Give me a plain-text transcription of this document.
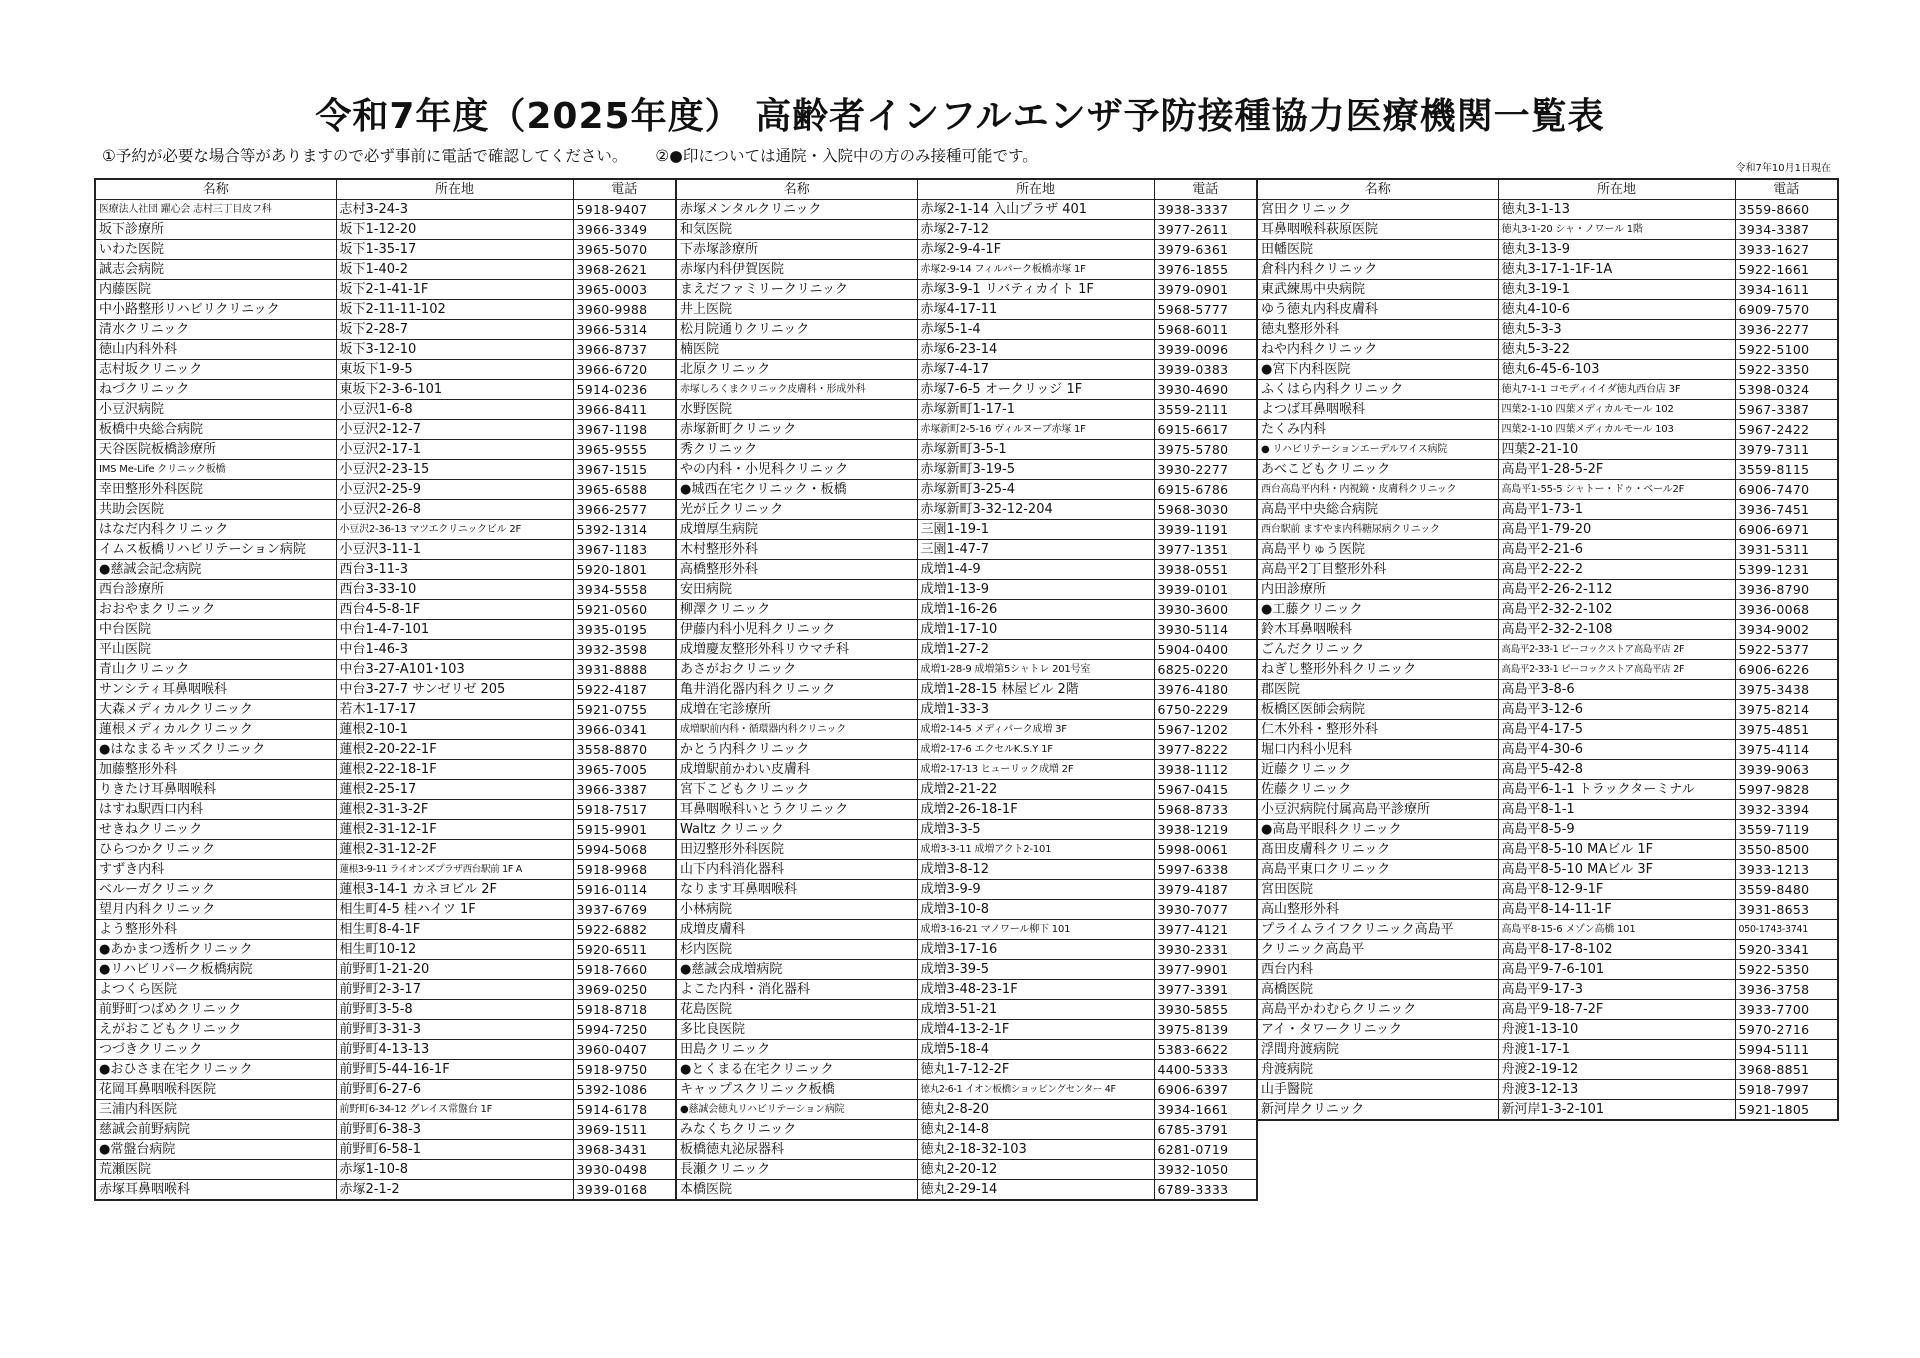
令和7年度（2025年度） 高齢者インフルエンザ予防接種協力医療機関一覧表
①予約が必要な場合等がありますので必ず事前に電話で確認してください。 ②●印については通院・入院中の方のみ接種可能です。
令和7年10月1日現在
名称	所在地	電話
医療法人社団 躍心会 志村三丁目皮フ科	志村3-24-3	5918-9407
坂下診療所	坂下1-12-20	3966-3349
いわた医院	坂下1-35-17	3965-5070
誠志会病院	坂下1-40-2	3968-2621
内藤医院	坂下2-1-41-1F	3965-0003
中小路整形リハビリクリニック	坂下2-11-11-102	3960-9988
清水クリニック	坂下2-28-7	3966-5314
徳山内科外科	坂下3-12-10	3966-8737
志村坂クリニック	東坂下1-9-5	3966-6720
ねづクリニック	東坂下2-3-6-101	5914-0236
小豆沢病院	小豆沢1-6-8	3966-8411
板橋中央総合病院	小豆沢2-12-7	3967-1198
天谷医院板橋診療所	小豆沢2-17-1	3965-9555
IMS Me-Life クリニック板橋	小豆沢2-23-15	3967-1515
幸田整形外科医院	小豆沢2-25-9	3965-6588
共助会医院	小豆沢2-26-8	3966-2577
はなだ内科クリニック	小豆沢2-36-13 マツエクリニックビル 2F	5392-1314
イムス板橋リハビリテーション病院	小豆沢3-11-1	3967-1183
●慈誠会記念病院	西台3-11-3	5920-1801
西台診療所	西台3-33-10	3934-5558
おおやまクリニック	西台4-5-8-1F	5921-0560
中台医院	中台1-4-7-101	3935-0195
平山医院	中台1-46-3	3932-3598
青山クリニック	中台3-27-A101･103	3931-8888
サンシティ耳鼻咽喉科	中台3-27-7 サンゼリゼ 205	5922-4187
大森メディカルクリニック	若木1-17-17	5921-0755
蓮根メディカルクリニック	蓮根2-10-1	3966-0341
●はなまるキッズクリニック	蓮根2-20-22-1F	3558-8870
加藤整形外科	蓮根2-22-18-1F	3965-7005
りきたけ耳鼻咽喉科	蓮根2-25-17	3966-3387
はすね駅西口内科	蓮根2-31-3-2F	5918-7517
せきねクリニック	蓮根2-31-12-1F	5915-9901
ひらつかクリニック	蓮根2-31-12-2F	5994-5068
すずき内科	蓮根3-9-11 ライオンズプラザ西台駅前 1F A	5918-9968
ベルーガクリニック	蓮根3-14-1 カネヨビル 2F	5916-0114
望月内科クリニック	相生町4-5 桂ハイツ 1F	3937-6769
よう整形外科	相生町8-4-1F	5922-6882
●あかまつ透析クリニック	相生町10-12	5920-6511
●リハビリパーク板橋病院	前野町1-21-20	5918-7660
よつくら医院	前野町2-3-17	3969-0250
前野町つばめクリニック	前野町3-5-8	5918-8718
えがおこどもクリニック	前野町3-31-3	5994-7250
つづきクリニック	前野町4-13-13	3960-0407
●おひさま在宅クリニック	前野町5-44-16-1F	5918-9750
花岡耳鼻咽喉科医院	前野町6-27-6	5392-1086
三浦内科医院	前野町6-34-12 グレイス常盤台 1F	5914-6178
慈誠会前野病院	前野町6-38-3	3969-1511
●常盤台病院	前野町6-58-1	3968-3431
荒瀬医院	赤塚1-10-8	3930-0498
赤塚耳鼻咽喉科	赤塚2-1-2	3939-0168
名称	所在地	電話
赤塚メンタルクリニック	赤塚2-1-14 入山プラザ 401	3938-3337
和気医院	赤塚2-7-12	3977-2611
下赤塚診療所	赤塚2-9-4-1F	3979-6361
赤塚内科伊賀医院	赤塚2-9-14 フィルパーク板橋赤塚 1F	3976-1855
まえだファミリークリニック	赤塚3-9-1 リバティカイト 1F	3979-0901
井上医院	赤塚4-17-11	5968-5777
松月院通りクリニック	赤塚5-1-4	5968-6011
楠医院	赤塚6-23-14	3939-0096
北原クリニック	赤塚7-4-17	3939-0383
赤塚しろくまクリニック皮膚科・形成外科	赤塚7-6-5 オークリッジ 1F	3930-4690
水野医院	赤塚新町1-17-1	3559-2111
赤塚新町クリニック	赤塚新町2-5-16 ヴィルヌーブ赤塚 1F	6915-6617
秀クリニック	赤塚新町3-5-1	3975-5780
やの内科・小児科クリニック	赤塚新町3-19-5	3930-2277
●城西在宅クリニック・板橋	赤塚新町3-25-4	6915-6786
光が丘クリニック	赤塚新町3-32-12-204	5968-3030
成増厚生病院	三園1-19-1	3939-1191
木村整形外科	三園1-47-7	3977-1351
高橋整形外科	成増1-4-9	3938-0551
安田病院	成増1-13-9	3939-0101
柳澤クリニック	成増1-16-26	3930-3600
伊藤内科小児科クリニック	成増1-17-10	3930-5114
成増慶友整形外科リウマチ科	成増1-27-2	5904-0400
あさがおクリニック	成増1-28-9 成増第5シャトレ 201号室	6825-0220
亀井消化器内科クリニック	成増1-28-15 林屋ビル 2階	3976-4180
成増在宅診療所	成増1-33-3	6750-2229
成増駅前内科・循環器内科クリニック	成増2-14-5 メディパーク成増 3F	5967-1202
かとう内科クリニック	成増2-17-6 エクセルK.S.Y 1F	3977-8222
成増駅前かわい皮膚科	成増2-17-13 ヒューリック成増 2F	3938-1112
宮下こどもクリニック	成増2-21-22	5967-0415
耳鼻咽喉科いとうクリニック	成増2-26-18-1F	5968-8733
Waltz クリニック	成増3-3-5	3938-1219
田辺整形外科医院	成増3-3-11 成増アクト2-101	5998-0061
山下内科消化器科	成増3-8-12	5997-6338
なります耳鼻咽喉科	成増3-9-9	3979-4187
小林病院	成増3-10-8	3930-7077
成増皮膚科	成増3-16-21 マノワール柳下 101	3977-4121
杉内医院	成増3-17-16	3930-2331
●慈誠会成増病院	成増3-39-5	3977-9901
よこた内科・消化器科	成増3-48-23-1F	3977-3391
花島医院	成増3-51-21	3930-5855
多比良医院	成増4-13-2-1F	3975-8139
田島クリニック	成増5-18-4	5383-6622
●とくまる在宅クリニック	徳丸1-7-12-2F	4400-5333
キャップスクリニック板橋	徳丸2-6-1 イオン板橋ショッピングセンター 4F	6906-6397
●慈誠会徳丸リハビリテーション病院	徳丸2-8-20	3934-1661
みなくちクリニック	徳丸2-14-8	6785-3791
板橋徳丸泌尿器科	徳丸2-18-32-103	6281-0719
長瀬クリニック	徳丸2-20-12	3932-1050
本橋医院	徳丸2-29-14	6789-3333
名称	所在地	電話
宮田クリニック	徳丸3-1-13	3559-8660
耳鼻咽喉科萩原医院	徳丸3-1-20 シャ・ノワール 1階	3934-3387
田幡医院	徳丸3-13-9	3933-1627
倉科内科クリニック	徳丸3-17-1-1F-1A	5922-1661
東武練馬中央病院	徳丸3-19-1	3934-1611
ゆう徳丸内科皮膚科	徳丸4-10-6	6909-7570
徳丸整形外科	徳丸5-3-3	3936-2277
ねや内科クリニック	徳丸5-3-22	5922-5100
●宮下内科医院	徳丸6-45-6-103	5922-3350
ふくはら内科クリニック	徳丸7-1-1 コモディイイダ徳丸西台店 3F	5398-0324
よつば耳鼻咽喉科	四葉2-1-10 四葉メディカルモール 102	5967-3387
たくみ内科	四葉2-1-10 四葉メディカルモール 103	5967-2422
● リハビリテーションエーデルワイス病院	四葉2-21-10	3979-7311
あべこどもクリニック	高島平1-28-5-2F	3559-8115
西台高島平内科・内視鏡・皮膚科クリニック	高島平1-55-5 シャトー・ドゥ・ベール2F	6906-7470
高島平中央総合病院	高島平1-73-1	3936-7451
西台駅前 ますやま内科糖尿病クリニック	高島平1-79-20	6906-6971
高島平りゅう医院	高島平2-21-6	3931-5311
高島平2丁目整形外科	高島平2-22-2	5399-1231
内田診療所	高島平2-26-2-112	3936-8790
●工藤クリニック	高島平2-32-2-102	3936-0068
鈴木耳鼻咽喉科	高島平2-32-2-108	3934-9002
ごんだクリニック	高島平2-33-1 ピーコックストア高島平店 2F	5922-5377
ねぎし整形外科クリニック	高島平2-33-1 ピーコックストア高島平店 2F	6906-6226
郡医院	高島平3-8-6	3975-3438
板橋区医師会病院	高島平3-12-6	3975-8214
仁木外科・整形外科	高島平4-17-5	3975-4851
堀口内科小児科	高島平4-30-6	3975-4114
近藤クリニック	高島平5-42-8	3939-9063
佐藤クリニック	高島平6-1-1 トラックターミナル	5997-9828
小豆沢病院付属高島平診療所	高島平8-1-1	3932-3394
●高島平眼科クリニック	高島平8-5-9	3559-7119
髙田皮膚科クリニック	高島平8-5-10 MAビル 1F	3550-8500
高島平東口クリニック	高島平8-5-10 MAビル 3F	3933-1213
宮田医院	高島平8-12-9-1F	3559-8480
高山整形外科	高島平8-14-11-1F	3931-8653
プライムライフクリニック高島平	高島平8-15-6 メゾン高橋 101	050-1743-3741
クリニック高島平	高島平8-17-8-102	5920-3341
西台内科	高島平9-7-6-101	5922-5350
高橋医院	高島平9-17-3	3936-3758
高島平かわむらクリニック	高島平9-18-7-2F	3933-7700
アイ・タワークリニック	舟渡1-13-10	5970-2716
浮間舟渡病院	舟渡1-17-1	5994-5111
舟渡病院	舟渡2-19-12	3968-8851
山手醫院	舟渡3-12-13	5918-7997
新河岸クリニック	新河岸1-3-2-101	5921-1805
